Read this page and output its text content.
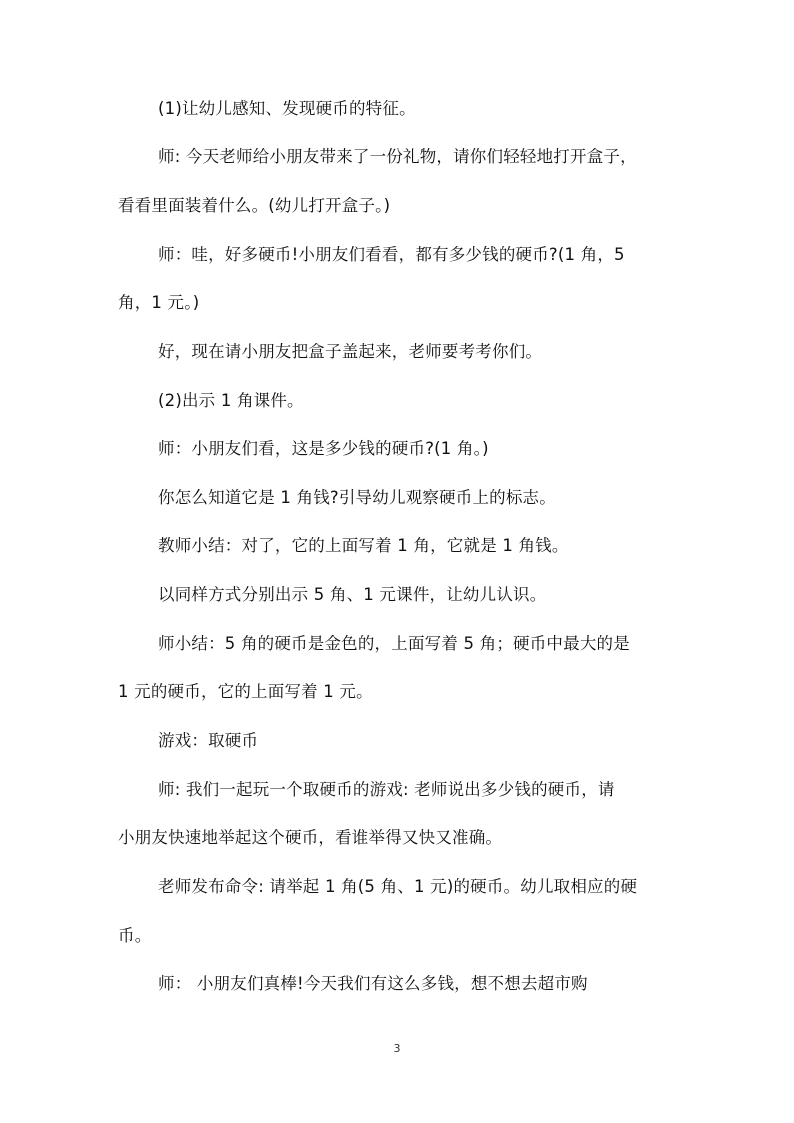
(1)让幼儿感知、发现硬币的特征。
师: 今天老师给小朋友带来了一份礼物，请你们轻轻地打开盒子，
看看里面装着什么。(幼儿打开盒子。)
师：哇，好多硬币!小朋友们看看，都有多少钱的硬币?(1 角，5
角，1 元。)
好，现在请小朋友把盒子盖起来，老师要考考你们。
(2)出示 1 角课件。
师：小朋友们看，这是多少钱的硬币?(1 角。)
你怎么知道它是 1 角钱?引导幼儿观察硬币上的标志。
教师小结：对了，它的上面写着 1 角，它就是 1 角钱。
以同样方式分别出示 5 角、1 元课件，让幼儿认识。
师小结：5 角的硬币是金色的，上面写着 5 角；硬币中最大的是
1 元的硬币，它的上面写着 1 元。
游戏：取硬币
师: 我们一起玩一个取硬币的游戏: 老师说出多少钱的硬币，请
小朋友快速地举起这个硬币，看谁举得又快又准确。
老师发布命令: 请举起 1 角(5 角、1 元)的硬币。幼儿取相应的硬
币。
师： 小朋友们真棒!今天我们有这么多钱，想不想去超市购
3
